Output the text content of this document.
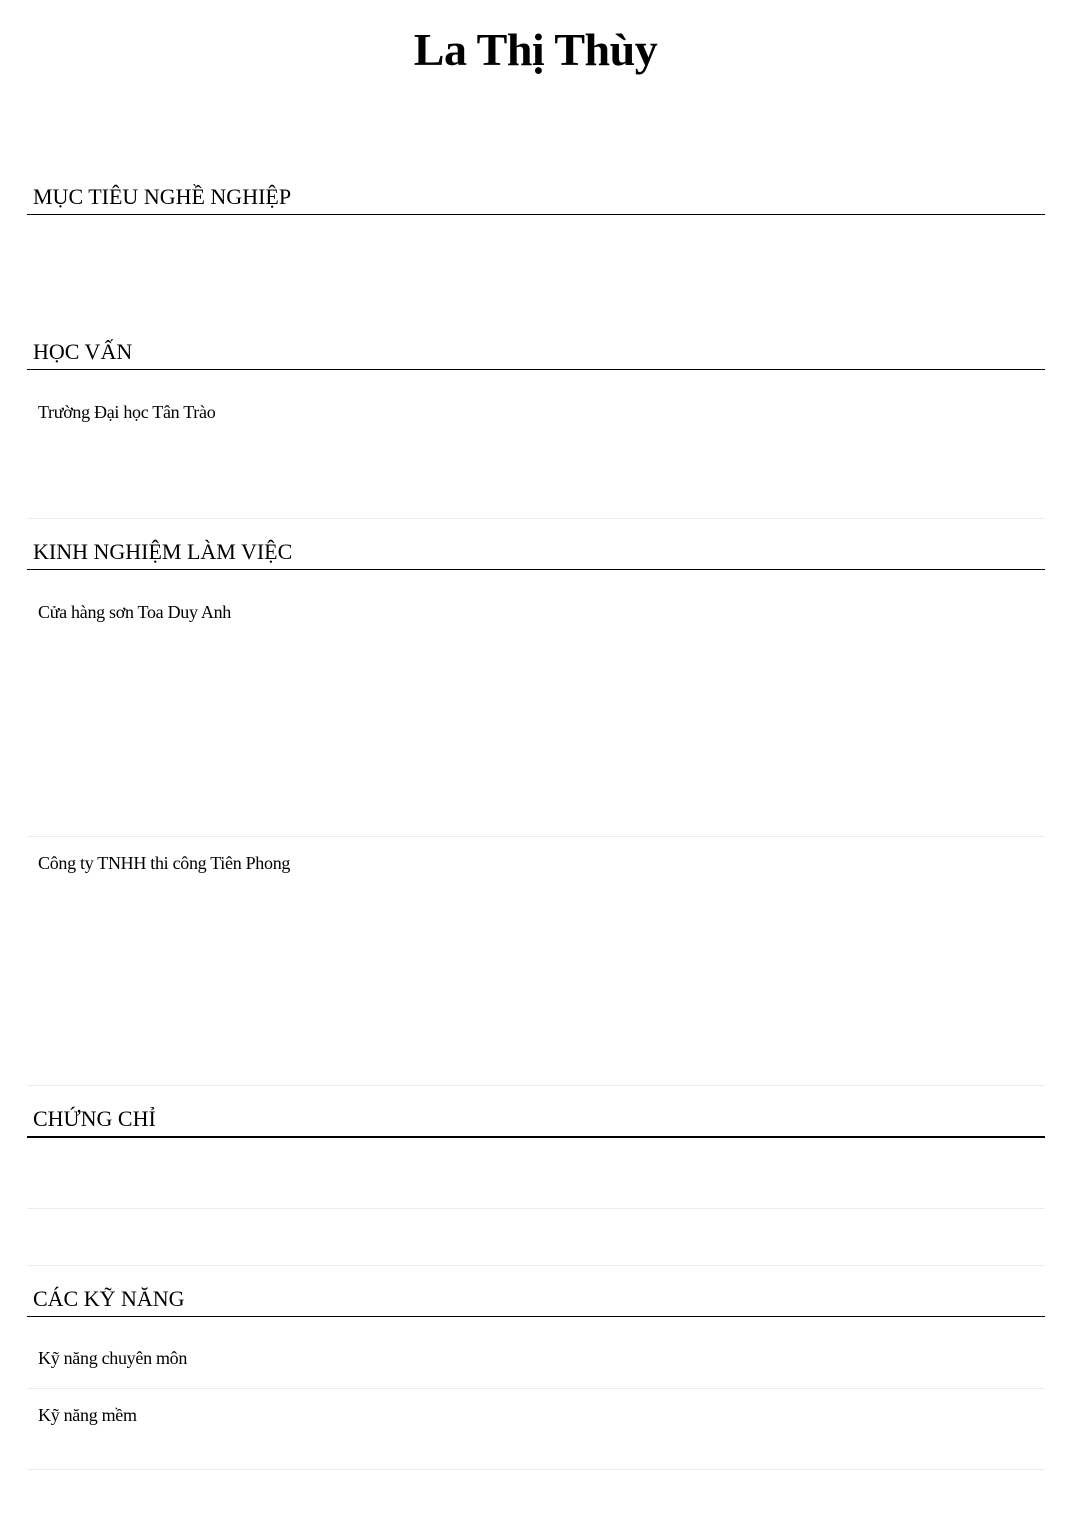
La Thị Thùy
MỤC TIÊU NGHỀ NGHIỆP
HỌC VẤN
Trường Đại học Tân Trào
KINH NGHIỆM LÀM VIỆC
Cửa hàng sơn Toa Duy Anh
Công ty TNHH thi công Tiên Phong
CHỨNG CHỈ
CÁC KỸ NĂNG
Kỹ năng chuyên môn
Kỹ năng mềm
